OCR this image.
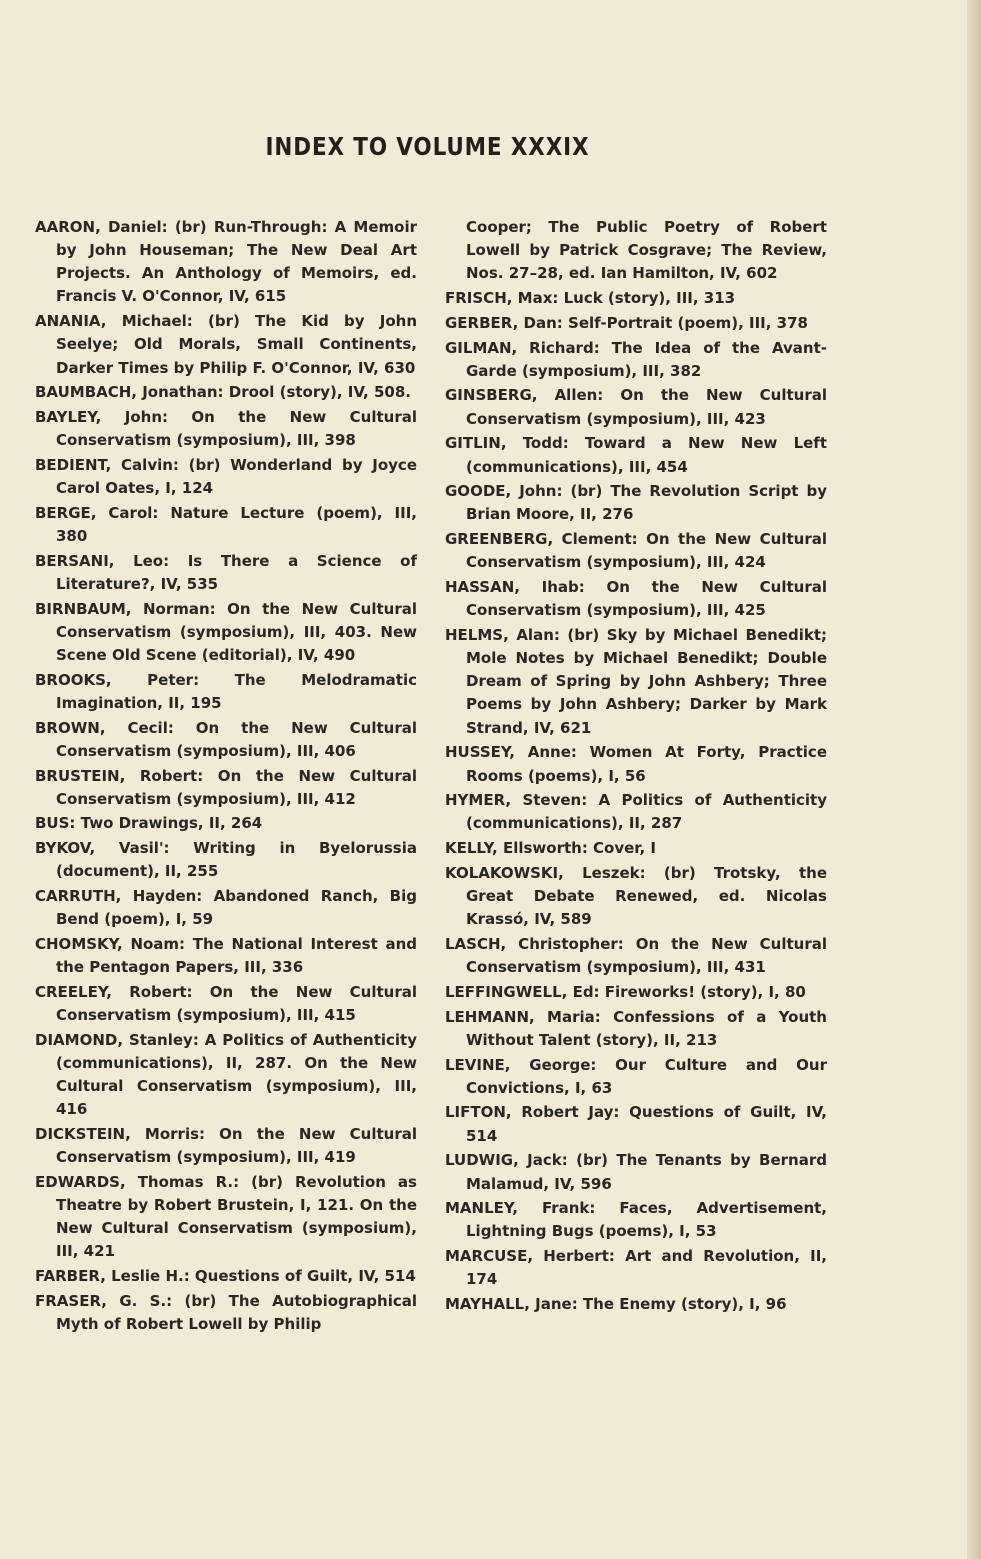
INDEX TO VOLUME XXXIX
AARON, Daniel: (br) Run-Through: A Memoir by John Houseman; The New Deal Art Projects. An Anthology of Memoirs, ed. Francis V. O'Connor, IV, 615
ANANIA, Michael: (br) The Kid by John Seelye; Old Morals, Small Continents, Darker Times by Philip F. O'Connor, IV, 630
BAUMBACH, Jonathan: Drool (story), IV, 508.
BAYLEY, John: On the New Cultural Conservatism (symposium), III, 398
BEDIENT, Calvin: (br) Wonderland by Joyce Carol Oates, I, 124
BERGE, Carol: Nature Lecture (poem), III, 380
BERSANI, Leo: Is There a Science of Literature?, IV, 535
BIRNBAUM, Norman: On the New Cultural Conservatism (symposium), III, 403. New Scene Old Scene (editorial), IV, 490
BROOKS, Peter: The Melodramatic Imagination, II, 195
BROWN, Cecil: On the New Cultural Conservatism (symposium), III, 406
BRUSTEIN, Robert: On the New Cultural Conservatism (symposium), III, 412
BUS: Two Drawings, II, 264
BYKOV, Vasil': Writing in Byelorussia (document), II, 255
CARRUTH, Hayden: Abandoned Ranch, Big Bend (poem), I, 59
CHOMSKY, Noam: The National Interest and the Pentagon Papers, III, 336
CREELEY, Robert: On the New Cultural Conservatism (symposium), III, 415
DIAMOND, Stanley: A Politics of Authenticity (communications), II, 287. On the New Cultural Conservatism (symposium), III, 416
DICKSTEIN, Morris: On the New Cultural Conservatism (symposium), III, 419
EDWARDS, Thomas R.: (br) Revolution as Theatre by Robert Brustein, I, 121. On the New Cultural Conservatism (symposium), III, 421
FARBER, Leslie H.: Questions of Guilt, IV, 514
FRASER, G. S.: (br) The Autobiographical Myth of Robert Lowell by Philip
Cooper; The Public Poetry of Robert Lowell by Patrick Cosgrave; The Review, Nos. 27–28, ed. Ian Hamilton, IV, 602
FRISCH, Max: Luck (story), III, 313
GERBER, Dan: Self-Portrait (poem), III, 378
GILMAN, Richard: The Idea of the Avant-Garde (symposium), III, 382
GINSBERG, Allen: On the New Cultural Conservatism (symposium), III, 423
GITLIN, Todd: Toward a New New Left (communications), III, 454
GOODE, John: (br) The Revolution Script by Brian Moore, II, 276
GREENBERG, Clement: On the New Cultural Conservatism (symposium), III, 424
HASSAN, Ihab: On the New Cultural Conservatism (symposium), III, 425
HELMS, Alan: (br) Sky by Michael Benedikt; Mole Notes by Michael Benedikt; Double Dream of Spring by John Ashbery; Three Poems by John Ashbery; Darker by Mark Strand, IV, 621
HUSSEY, Anne: Women At Forty, Practice Rooms (poems), I, 56
HYMER, Steven: A Politics of Authenticity (communications), II, 287
KELLY, Ellsworth: Cover, I
KOLAKOWSKI, Leszek: (br) Trotsky, the Great Debate Renewed, ed. Nicolas Krassó, IV, 589
LASCH, Christopher: On the New Cultural Conservatism (symposium), III, 431
LEFFINGWELL, Ed: Fireworks! (story), I, 80
LEHMANN, Maria: Confessions of a Youth Without Talent (story), II, 213
LEVINE, George: Our Culture and Our Convictions, I, 63
LIFTON, Robert Jay: Questions of Guilt, IV, 514
LUDWIG, Jack: (br) The Tenants by Bernard Malamud, IV, 596
MANLEY, Frank: Faces, Advertisement, Lightning Bugs (poems), I, 53
MARCUSE, Herbert: Art and Revolution, II, 174
MAYHALL, Jane: The Enemy (story), I, 96
